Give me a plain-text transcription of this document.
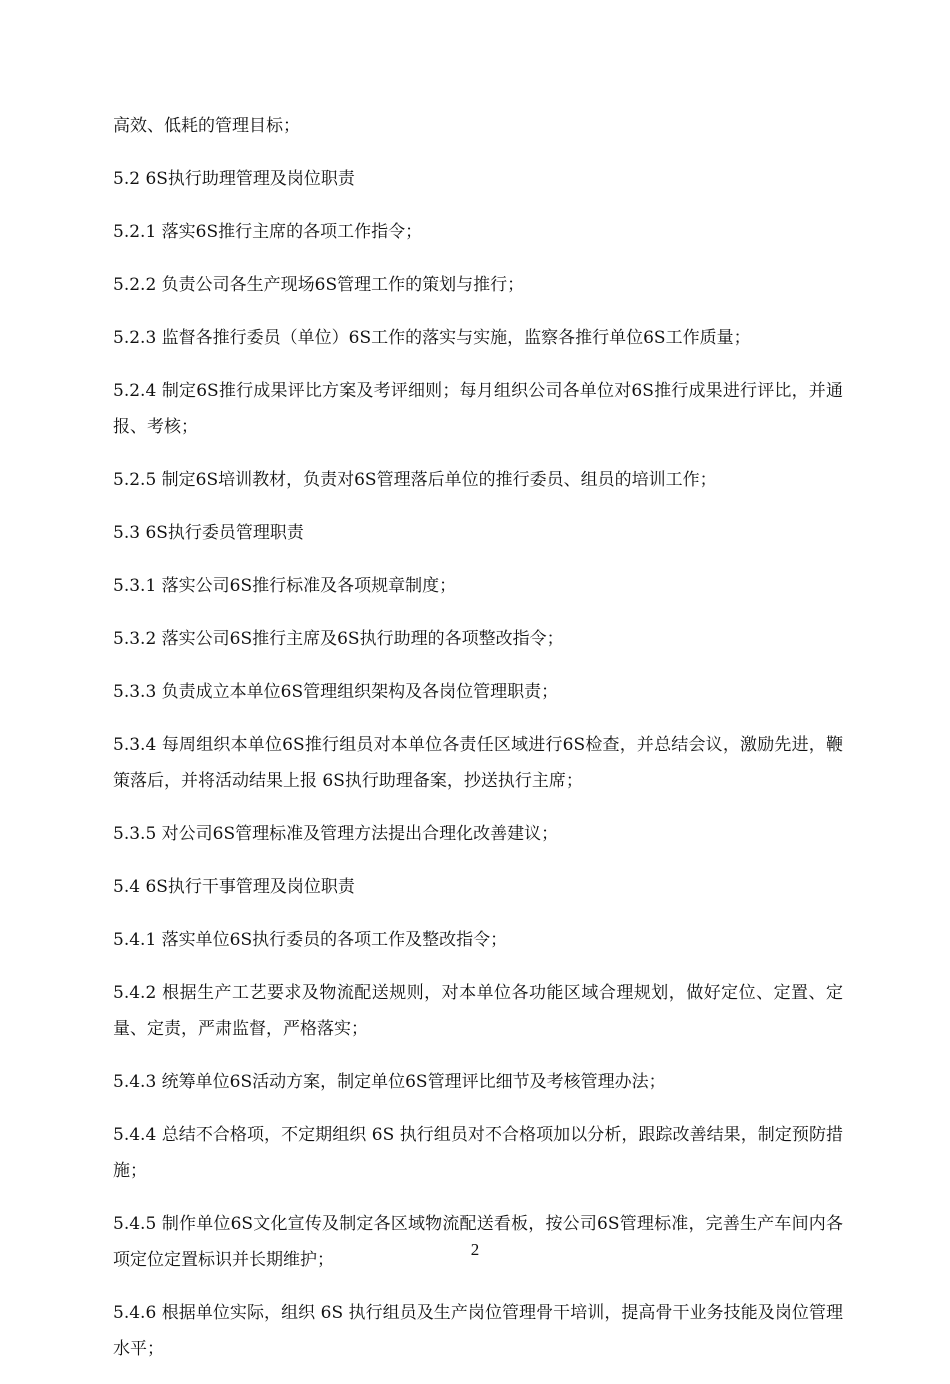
高效、低耗的管理目标；

5.2 6S执行助理管理及岗位职责

5.2.1 落实6S推行主席的各项工作指令；

5.2.2 负责公司各生产现场6S管理工作的策划与推行；

5.2.3 监督各推行委员（单位）6S工作的落实与实施，监察各推行单位6S工作质量；

5.2.4 制定6S推行成果评比方案及考评细则；每月组织公司各单位对6S推行成果进行评比，并通报、考核；

5.2.5 制定6S培训教材，负责对6S管理落后单位的推行委员、组员的培训工作；

5.3 6S执行委员管理职责

5.3.1 落实公司6S推行标准及各项规章制度；

5.3.2 落实公司6S推行主席及6S执行助理的各项整改指令；

5.3.3 负责成立本单位6S管理组织架构及各岗位管理职责；

5.3.4 每周组织本单位6S推行组员对本单位各责任区域进行6S检查，并总结会议，激励先进，鞭策落后，并将活动结果上报 6S执行助理备案，抄送执行主席；

5.3.5 对公司6S管理标准及管理方法提出合理化改善建议；

5.4 6S执行干事管理及岗位职责

5.4.1 落实单位6S执行委员的各项工作及整改指令；

5.4.2 根据生产工艺要求及物流配送规则，对本单位各功能区域合理规划，做好定位、定置、定量、定责，严肃监督，严格落实；

5.4.3 统筹单位6S活动方案，制定单位6S管理评比细节及考核管理办法；

5.4.4 总结不合格项，不定期组织 6S 执行组员对不合格项加以分析，跟踪改善结果，制定预防措施；

5.4.5 制作单位6S文化宣传及制定各区域物流配送看板，按公司6S管理标准，完善生产车间内各项定位定置标识并长期维护；

5.4.6 根据单位实际，组织 6S 执行组员及生产岗位管理骨干培训，提高骨干业务技能及岗位管理水平；

2
